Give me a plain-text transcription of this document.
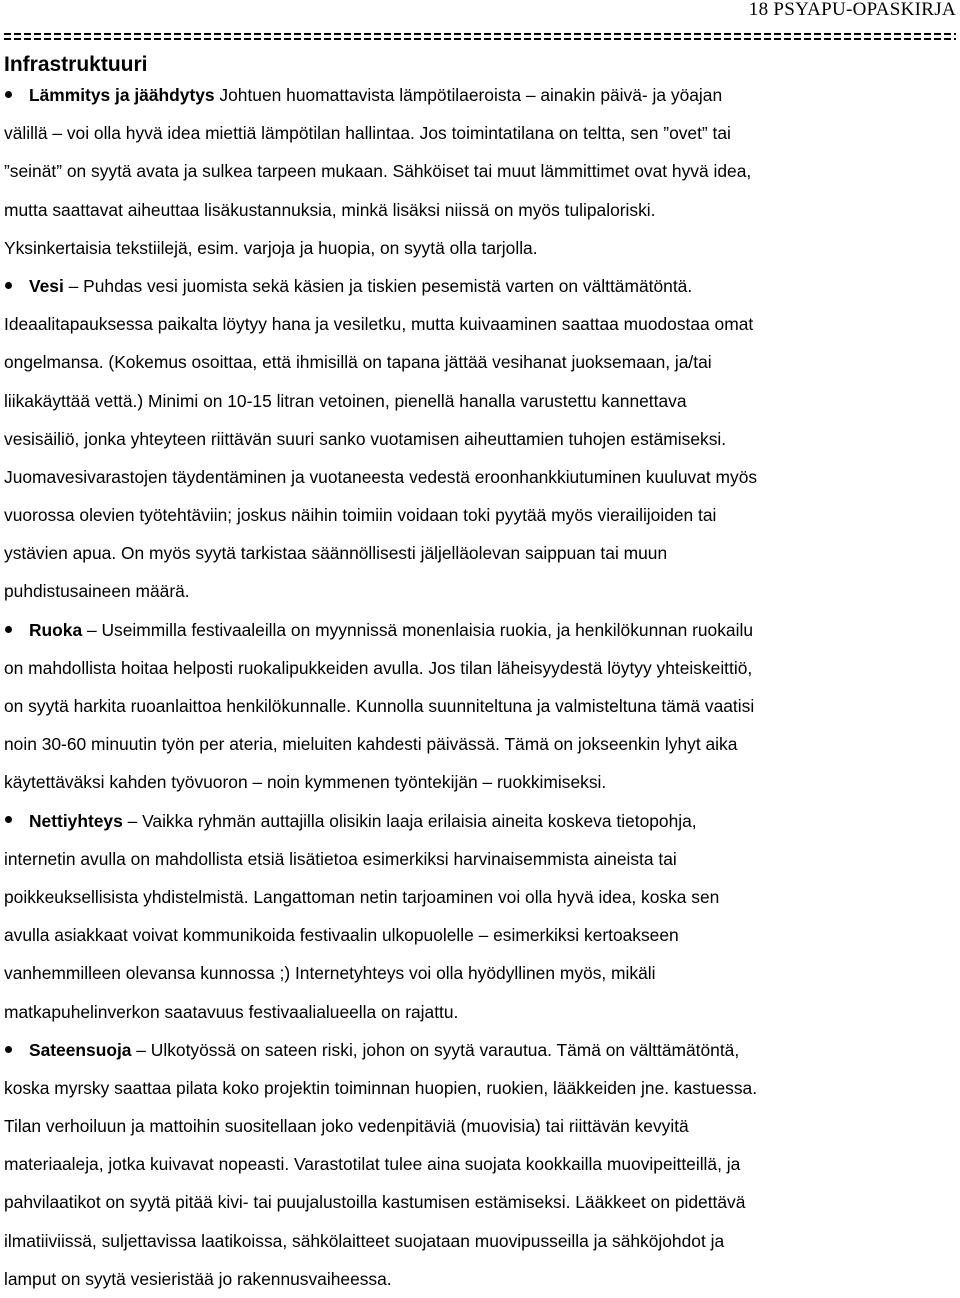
18 PSYAPU-OPASKIRJA
Infrastruktuuri
Lämmitys ja jäähdytys Johtuen huomattavista lämpötilaeroista – ainakin päivä- ja yöajan
välillä – voi olla hyvä idea miettiä lämpötilan hallintaa. Jos toimintatilana on teltta, sen ”ovet” tai
”seinät” on syytä avata ja sulkea tarpeen mukaan. Sähköiset tai muut lämmittimet ovat hyvä idea,
mutta saattavat aiheuttaa lisäkustannuksia, minkä lisäksi niissä on myös tulipaloriski.
Yksinkertaisia tekstiilejä, esim. varjoja ja huopia, on syytä olla tarjolla.
Vesi – Puhdas vesi juomista sekä käsien ja tiskien pesemistä varten on välttämätöntä.
Ideaalitapauksessa paikalta löytyy hana ja vesiletku, mutta kuivaaminen saattaa muodostaa omat
ongelmansa. (Kokemus osoittaa, että ihmisillä on tapana jättää vesihanat juoksemaan, ja/tai
liikakäyttää vettä.) Minimi on 10-15 litran vetoinen, pienellä hanalla varustettu kannettava
vesisäiliö, jonka yhteyteen riittävän suuri sanko vuotamisen aiheuttamien tuhojen estämiseksi.
Juomavesivarastojen täydentäminen ja vuotaneesta vedestä eroonhankkiutuminen kuuluvat myös
vuorossa olevien työtehtäviin; joskus näihin toimiin voidaan toki pyytää myös vierailijoiden tai
ystävien apua. On myös syytä tarkistaa säännöllisesti jäljelläolevan saippuan tai muun
puhdistusaineen määrä.
Ruoka – Useimmilla festivaaleilla on myynnissä monenlaisia ruokia, ja henkilökunnan ruokailu
on mahdollista hoitaa helposti ruokalipukkeiden avulla. Jos tilan läheisyydestä löytyy yhteiskeittiö,
on syytä harkita ruoanlaittoa henkilökunnalle. Kunnolla suunniteltuna ja valmisteltuna tämä vaatisi
noin 30-60 minuutin työn per ateria, mieluiten kahdesti päivässä. Tämä on jokseenkin lyhyt aika
käytettäväksi kahden työvuoron – noin kymmenen työntekijän – ruokkimiseksi.
Nettiyhteys – Vaikka ryhmän auttajilla olisikin laaja erilaisia aineita koskeva tietopohja,
internetin avulla on mahdollista etsiä lisätietoa esimerkiksi harvinaisemmista aineista tai
poikkeuksellisista yhdistelmistä. Langattoman netin tarjoaminen voi olla hyvä idea, koska sen
avulla asiakkaat voivat kommunikoida festivaalin ulkopuolelle – esimerkiksi kertoakseen
vanhemmilleen olevansa kunnossa ;) Internetyhteys voi olla hyödyllinen myös, mikäli
matkapuhelinverkon saatavuus festivaalialueella on rajattu.
Sateensuoja – Ulkotyössä on sateen riski, johon on syytä varautua. Tämä on välttämätöntä,
koska myrsky saattaa pilata koko projektin toiminnan huopien, ruokien, lääkkeiden jne. kastuessa.
Tilan verhoiluun ja mattoihin suositellaan joko vedenpitäviä (muovisia) tai riittävän kevyitä
materiaaleja, jotka kuivavat nopeasti. Varastotilat tulee aina suojata kookkailla muovipeitteillä, ja
pahvilaatikot on syytä pitää kivi- tai puujalustoilla kastumisen estämiseksi. Lääkkeet on pidettävä
ilmatiiviissä, suljettavissa laatikoissa, sähkölaitteet suojataan muovipusseilla ja sähköjohdot ja
lamput on syytä vesieristää jo rakennusvaiheessa.
